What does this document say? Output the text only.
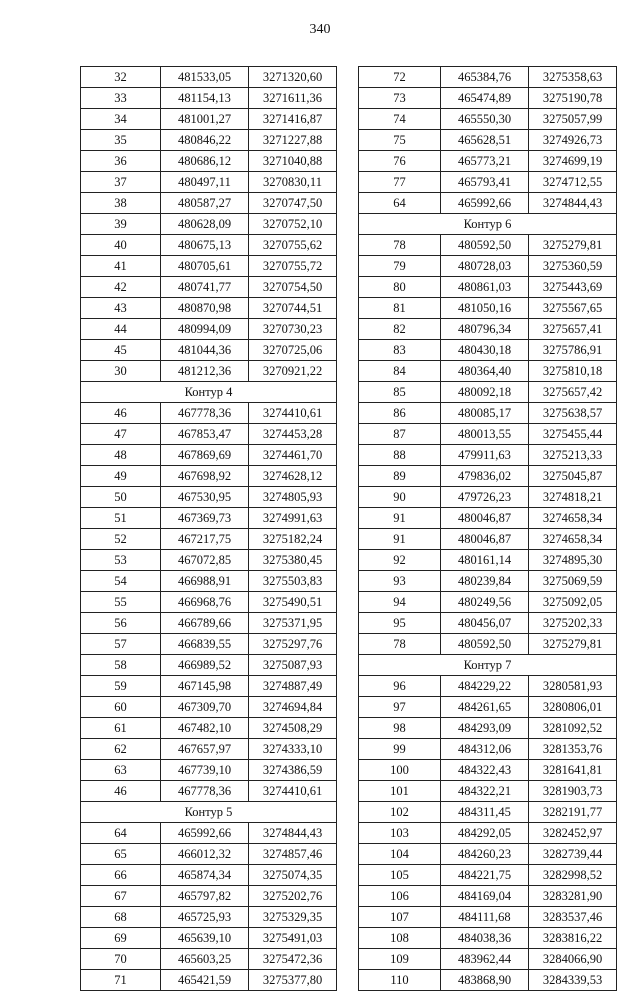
340
32	481533,05	3271320,60
33	481154,13	3271611,36
34	481001,27	3271416,87
35	480846,22	3271227,88
36	480686,12	3271040,88
37	480497,11	3270830,11
38	480587,27	3270747,50
39	480628,09	3270752,10
40	480675,13	3270755,62
41	480705,61	3270755,72
42	480741,77	3270754,50
43	480870,98	3270744,51
44	480994,09	3270730,23
45	481044,36	3270725,06
30	481212,36	3270921,22
Контур 4		
46	467778,36	3274410,61
47	467853,47	3274453,28
48	467869,69	3274461,70
49	467698,92	3274628,12
50	467530,95	3274805,93
51	467369,73	3274991,63
52	467217,75	3275182,24
53	467072,85	3275380,45
54	466988,91	3275503,83
55	466968,76	3275490,51
56	466789,66	3275371,95
57	466839,55	3275297,76
58	466989,52	3275087,93
59	467145,98	3274887,49
60	467309,70	3274694,84
61	467482,10	3274508,29
62	467657,97	3274333,10
63	467739,10	3274386,59
46	467778,36	3274410,61
Контур 5		
64	465992,66	3274844,43
65	466012,32	3274857,46
66	465874,34	3275074,35
67	465797,82	3275202,76
68	465725,93	3275329,35
69	465639,10	3275491,03
70	465603,25	3275472,36
71	465421,59	3275377,80
72	465384,76	3275358,63
73	465474,89	3275190,78
74	465550,30	3275057,99
75	465628,51	3274926,73
76	465773,21	3274699,19
77	465793,41	3274712,55
64	465992,66	3274844,43
Контур 6		
78	480592,50	3275279,81
79	480728,03	3275360,59
80	480861,03	3275443,69
81	481050,16	3275567,65
82	480796,34	3275657,41
83	480430,18	3275786,91
84	480364,40	3275810,18
85	480092,18	3275657,42
86	480085,17	3275638,57
87	480013,55	3275455,44
88	479911,63	3275213,33
89	479836,02	3275045,87
90	479726,23	3274818,21
91	480046,87	3274658,34
91	480046,87	3274658,34
92	480161,14	3274895,30
93	480239,84	3275069,59
94	480249,56	3275092,05
95	480456,07	3275202,33
78	480592,50	3275279,81
Контур 7		
96	484229,22	3280581,93
97	484261,65	3280806,01
98	484293,09	3281092,52
99	484312,06	3281353,76
100	484322,43	3281641,81
101	484322,21	3281903,73
102	484311,45	3282191,77
103	484292,05	3282452,97
104	484260,23	3282739,44
105	484221,75	3282998,52
106	484169,04	3283281,90
107	484111,68	3283537,46
108	484038,36	3283816,22
109	483962,44	3284066,90
110	483868,90	3284339,53
